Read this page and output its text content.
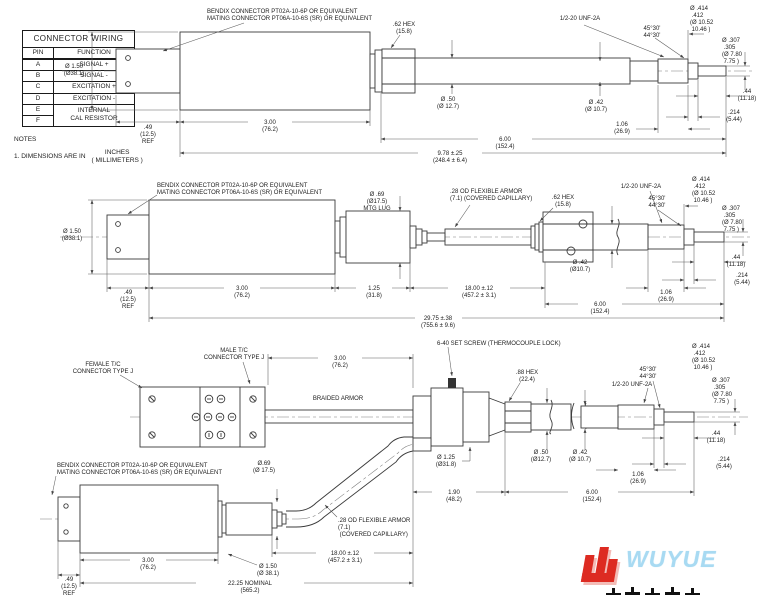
CONNECTOR WIRING	
PIN	FUNCTION
A	SIGNAL +
B	SIGNAL -
C	EXCITATION +
D	EXCITATION -
E	INTERNAL
CAL RESISTOR
F	
NOTES
1. DIMENSIONS ARE IN
INCHES
( MILLIMETERS )
BENDIX CONNECTOR PT02A-10-6P OR EQUIVALENT MATING CONNECTOR PT06A-10-6S (SR) OR EQUIVALENT
.62 HEX (15.8)
1/2-20 UNF-2A
45°30' 44°30'
Ø .414 .412 (Ø 10.52 10.46 )
Ø .307 .305 (Ø 7.80 7.75 )
Ø .50 (Ø 12.7)
Ø .42 (Ø 10.7)
.44 (11.18)
.214 (5.44)
1.06 (26.9)
6.00 (152.4)
9.78 ±.25 (248.4 ± 6.4)
.49 (12.5) REF
3.00 (76.2)
Ø 1.50 (Ø38.1)
BENDIX CONNECTOR PT02A-10-6P OR EQUIVALENT MATING CONNECTOR PT06A-10-6S (SR) OR EQUIVALENT	Ø .69 (Ø17.5) MTG LUG
.28 OD FLEXIBLE ARMOR (7.1) (COVERED CAPILLARY)	.62 HEX (15.8)
1/2-20 UNF-2A
45°30' 44°30'
Ø .414 .412 (Ø 10.52 10.46 )
Ø .307 .305 (Ø 7.80 7.75 )
Ø .42 (Ø10.7)
.44 (11.18)
.214 (5.44)
1.06 (26.9)
6.00 (152.4)
29.75 ±.38 (755.6 ± 9.6)
.49 (12.5) REF
3.00 (76.2)
1.25 (31.8)
18.00 ±.12 (457.2 ± 3.1)
Ø 1.50 (Ø38.1)
FEMALE T/C CONNECTOR TYPE J
MALE T/C CONNECTOR TYPE J	3.00 (76.2)
6-40 SET SCREW (THERMOCOUPLE LOCK)
.88 HEX (22.4)
1/2-20 UNF-2A
45°30' 44°30'
Ø .414 .412 (Ø 10.52 10.46 )
Ø .307 .305 (Ø 7.80 7.75 )
BRAIDED ARMOR
BENDIX CONNECTOR PT02A-10-6P OR EQUIVALENT MATING CONNECTOR PT06A-10-6S (SR) OR EQUIVALENT
Ø.69 (Ø 17.5)
.28 OD FLEXIBLE ARMOR (7.1) (COVERED CAPILLARY)
Ø 1.50 (Ø 38.1)
3.00 (76.2)
.49 (12.5) REF
22.25 NOMINAL (565.2)
1.90 (48.2)
6.00 (152.4)
Ø 1.25 (Ø31.8)
Ø .50 (Ø12.7)
Ø .42 (Ø 10.7)
.44 (11.18)
.214 (5.44)
1.06 (26.9)
18.00 ±.12 (457.2 ± 3.1)	WUYUE
